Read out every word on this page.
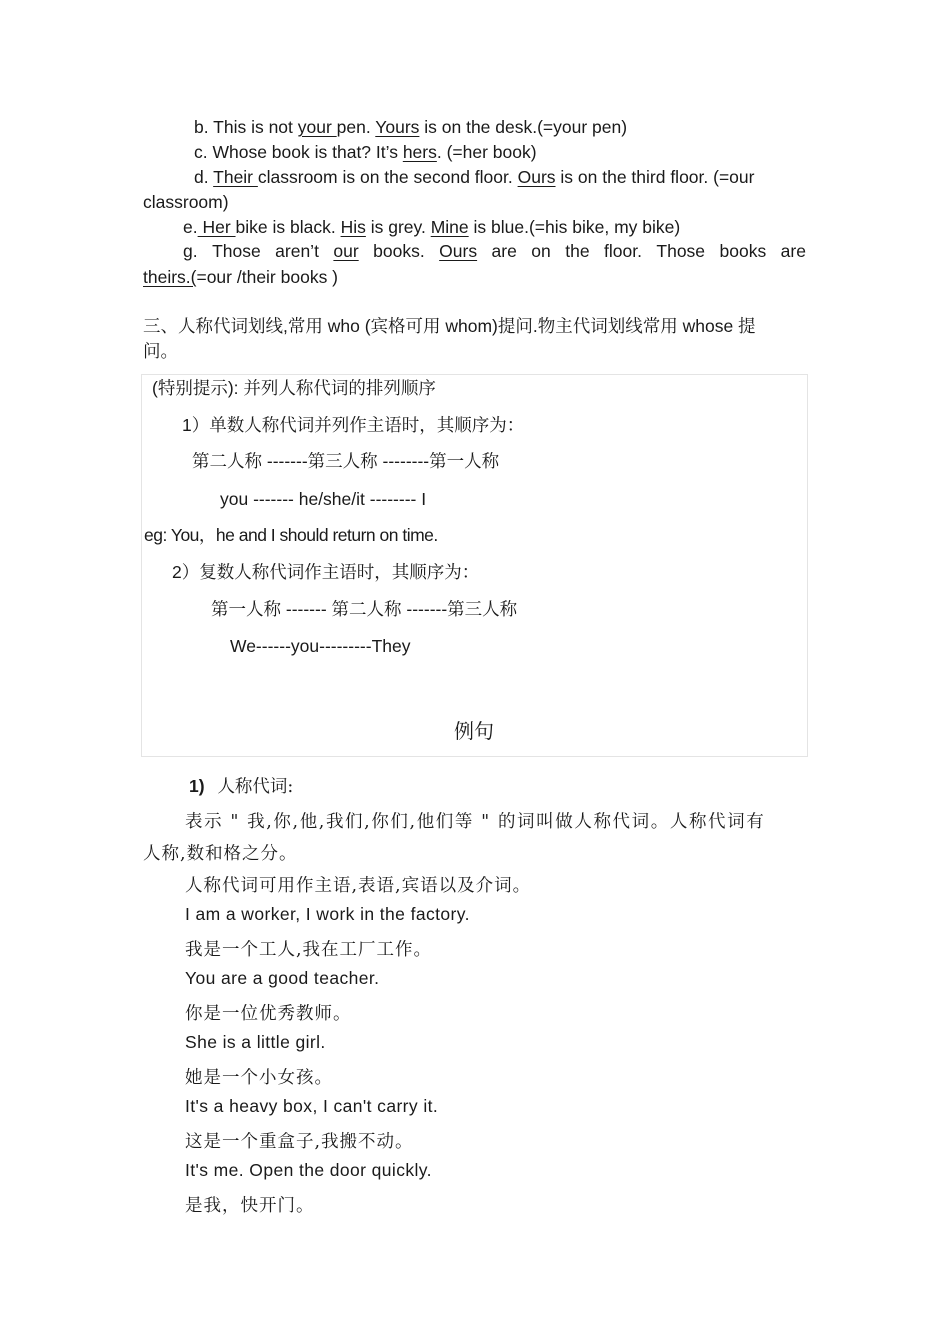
b. This is not your pen. Yours is on the desk.(=your pen)
c. Whose book is that? It’s hers. (=her book)
d. Their classroom is on the second floor. Ours is on the third floor. (=our
classroom)
e. Her bike is black. His is grey. Mine is blue.(=his bike, my bike)
g. Those aren’t our books. Ours are on the floor. Those books are
theirs.(=our /their books )
三、人称代词划线,常用 who (宾格可用 whom)提问.物主代词划线常用 whose 提
问。
(特别提示): 并列人称代词的排列顺序
1）单数人称代词并列作主语时，其顺序为：
第二人称 -------第三人称 --------第一人称
you ------- he/she/it -------- I
eg: You，he and I should return on time.
2）复数人称代词作主语时，其顺序为：
第一人称 ------- 第二人称 -------第三人称
We------you---------They
例句
1) 人称代词:
表示 " 我,你,他,我们,你们,他们等 " 的词叫做人称代词。人称代词有
人称,数和格之分。
人称代词可用作主语,表语,宾语以及介词。
I am a worker, I work in the factory.
我是一个工人,我在工厂工作。
You are a good teacher.
你是一位优秀教师。
She is a little girl.
她是一个小女孩。
It's a heavy box, I can't carry it.
这是一个重盒子,我搬不动。
It's me. Open the door quickly.
是我，快开门。
